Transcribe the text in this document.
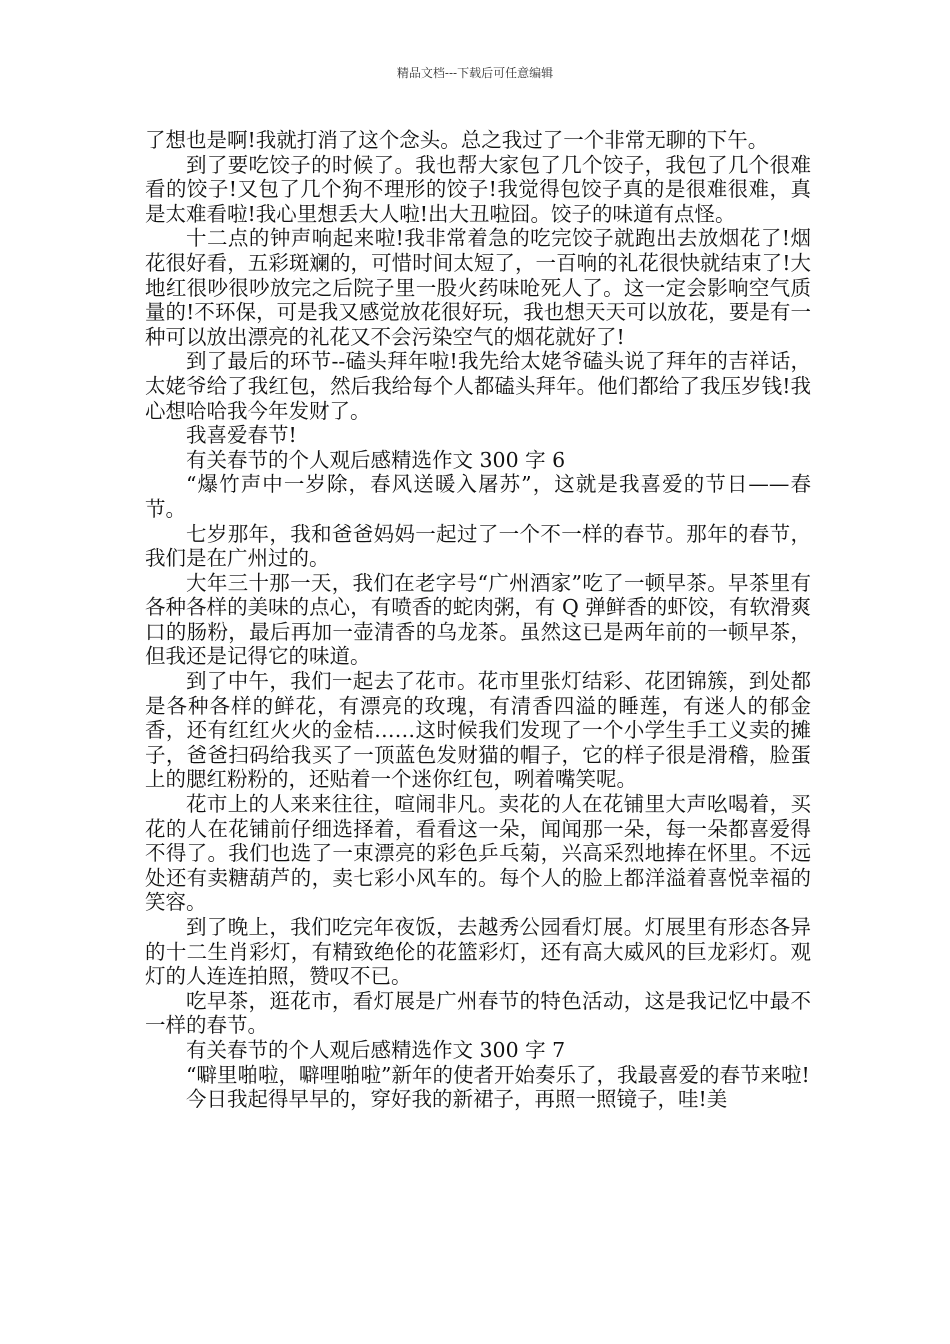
精品文档---下载后可任意编辑

了想也是啊!我就打消了这个念头。总之我过了一个非常无聊的下午。

到了要吃饺子的时候了。我也帮大家包了几个饺子，我包了几个很难看的饺子!又包了几个狗不理形的饺子!我觉得包饺子真的是很难很难，真是太难看啦!我心里想丢大人啦!出大丑啦囧。饺子的味道有点怪。

十二点的钟声响起来啦!我非常着急的吃完饺子就跑出去放烟花了!烟花很好看，五彩斑斓的，可惜时间太短了，一百响的礼花很快就结束了!大地红很吵很吵放完之后院子里一股火药味呛死人了。这一定会影响空气质量的!不环保，可是我又感觉放花很好玩，我也想天天可以放花，要是有一种可以放出漂亮的礼花又不会污染空气的烟花就好了!

到了最后的环节--磕头拜年啦!我先给太姥爷磕头说了拜年的吉祥话，太姥爷给了我红包，然后我给每个人都磕头拜年。他们都给了我压岁钱!我心想哈哈我今年发财了。

我喜爱春节!

有关春节的个人观后感精选作文 300 字 6

“爆竹声中一岁除，春风送暖入屠苏”，这就是我喜爱的节日——春节。

七岁那年，我和爸爸妈妈一起过了一个不一样的春节。那年的春节，我们是在广州过的。

大年三十那一天，我们在老字号“广州酒家”吃了一顿早茶。早茶里有各种各样的美味的点心，有喷香的蛇肉粥，有 Q 弹鲜香的虾饺，有软滑爽口的肠粉，最后再加一壶清香的乌龙茶。虽然这已是两年前的一顿早茶，但我还是记得它的味道。

到了中午，我们一起去了花市。花市里张灯结彩、花团锦簇，到处都是各种各样的鲜花，有漂亮的玫瑰，有清香四溢的睡莲，有迷人的郁金香，还有红红火火的金桔……这时候我们发现了一个小学生手工义卖的摊子，爸爸扫码给我买了一顶蓝色发财猫的帽子，它的样子很是滑稽，脸蛋上的腮红粉粉的，还贴着一个迷你红包，咧着嘴笑呢。

花市上的人来来往往，喧闹非凡。卖花的人在花铺里大声吆喝着，买花的人在花铺前仔细选择着，看看这一朵，闻闻那一朵，每一朵都喜爱得不得了。我们也选了一束漂亮的彩色乒乓菊，兴高采烈地捧在怀里。不远处还有卖糖葫芦的，卖七彩小风车的。每个人的脸上都洋溢着喜悦幸福的笑容。

到了晚上，我们吃完年夜饭，去越秀公园看灯展。灯展里有形态各异的十二生肖彩灯，有精致绝伦的花篮彩灯，还有高大威风的巨龙彩灯。观灯的人连连拍照，赞叹不已。

吃早茶，逛花市，看灯展是广州春节的特色活动，这是我记忆中最不一样的春节。

有关春节的个人观后感精选作文 300 字 7

“噼里啪啦，噼哩啪啦”新年的使者开始奏乐了，我最喜爱的春节来啦!

今日我起得早早的，穿好我的新裙子，再照一照镜子，哇!美
